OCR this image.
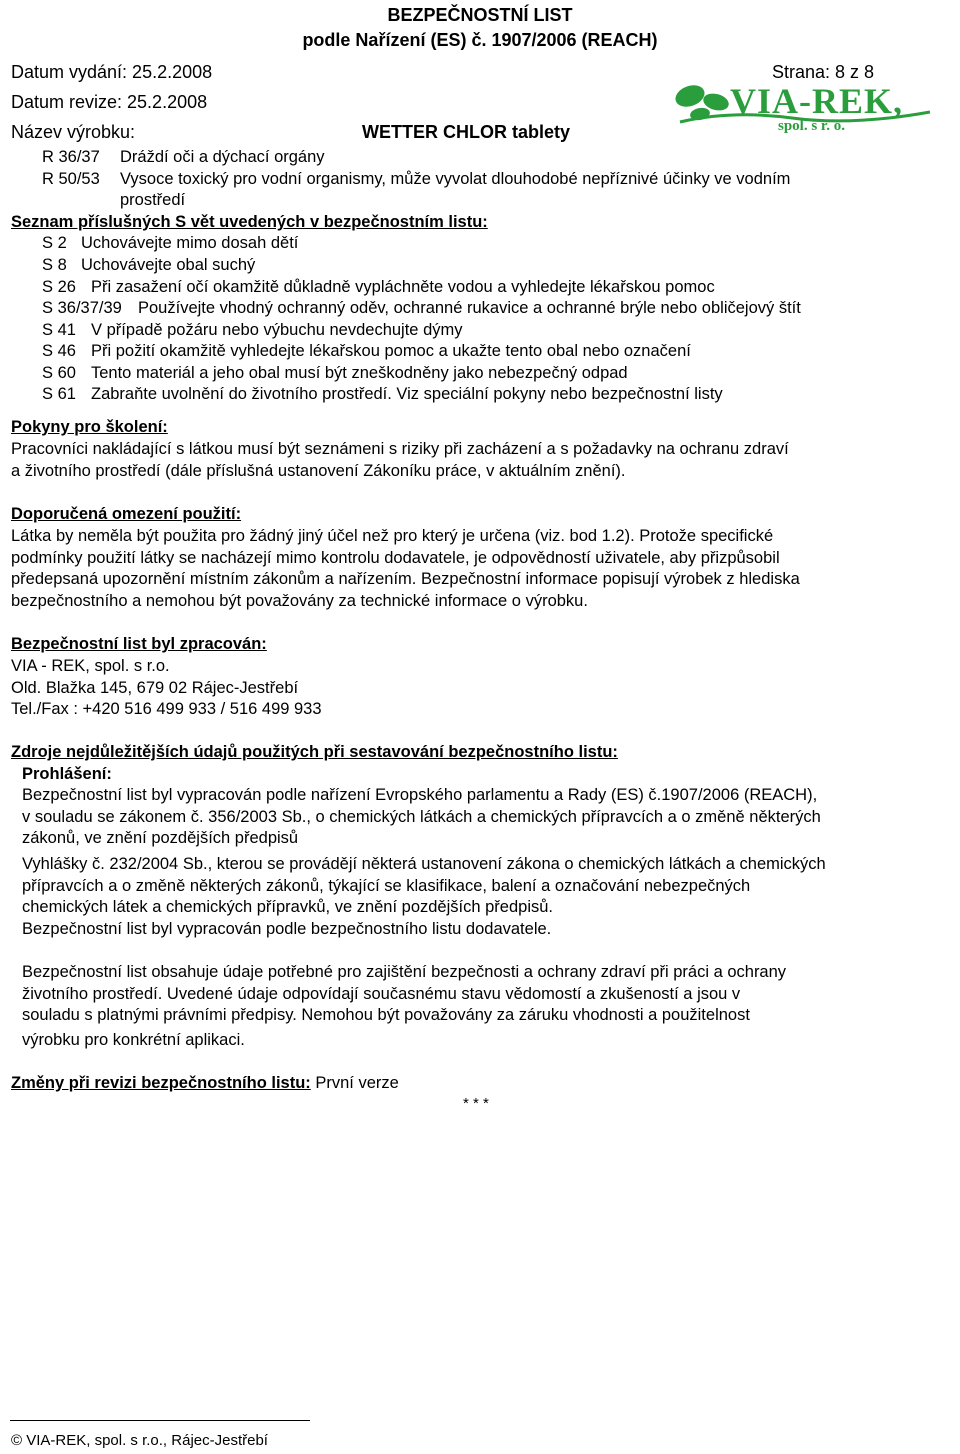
BEZPEČNOSTNÍ LIST
podle Nařízení (ES) č. 1907/2006 (REACH)
Datum vydání: 25.2.2008	Strana: 8 z 8
Datum revize: 25.2.2008
Název výrobku:	WETTER CHLOR tablety
VIA-REK,
spol. s r. o.
R 36/37 Dráždí oči a dýchací orgány
R 50/53 Vysoce toxický pro vodní organismy, může vyvolat dlouhodobé nepříznivé účinky ve vodním
prostředí
Seznam příslušných S vět uvedených v bezpečnostním listu:
S 2 Uchovávejte mimo dosah dětí
S 8 Uchovávejte obal suchý
S 26 Při zasažení očí okamžitě důkladně vypláchněte vodou a vyhledejte lékařskou pomoc
S 36/37/39 Používejte vhodný ochranný oděv, ochranné rukavice a ochranné brýle nebo obličejový štít
S 41 V případě požáru nebo výbuchu nevdechujte dýmy
S 46 Při požití okamžitě vyhledejte lékařskou pomoc a ukažte tento obal nebo označení
S 60 Tento materiál a jeho obal musí být zneškodněny jako nebezpečný odpad
S 61 Zabraňte uvolnění do životního prostředí. Viz speciální pokyny nebo bezpečnostní listy
Pokyny pro školení:
Pracovníci nakládající s látkou musí být seznámeni s riziky při zacházení a s požadavky na ochranu zdraví
a životního prostředí (dále příslušná ustanovení Zákoníku práce, v aktuálním znění).
Doporučená omezení použití:
Látka by neměla být použita pro žádný jiný účel než pro který je určena (viz. bod 1.2). Protože specifické
podmínky použití látky se nacházejí mimo kontrolu dodavatele, je odpovědností uživatele, aby přizpůsobil
předepsaná upozornění místním zákonům a nařízením. Bezpečnostní informace popisují výrobek z hlediska
bezpečnostního a nemohou být považovány za technické informace o výrobku.
Bezpečnostní list byl zpracován:
VIA - REK, spol. s r.o.
Old. Blažka 145, 679 02 Rájec-Jestřebí
Tel./Fax : +420 516 499 933 / 516 499 933
Zdroje nejdůležitějších údajů použitých při sestavování bezpečnostního listu:
Prohlášení:
Bezpečnostní list byl vypracován podle nařízení Evropského parlamentu a Rady (ES) č.1907/2006 (REACH),
v souladu se zákonem č. 356/2003 Sb., o chemických látkách a chemických přípravcích a o změně některých
zákonů, ve znění pozdějších předpisů
Vyhlášky č. 232/2004 Sb., kterou se provádějí některá ustanovení zákona o chemických látkách a chemických
přípravcích a o změně některých zákonů, týkající se klasifikace, balení a označování nebezpečných
chemických látek a chemických přípravků, ve znění pozdějších předpisů.
Bezpečnostní list byl vypracován podle bezpečnostního listu dodavatele.
Bezpečnostní list obsahuje údaje potřebné pro zajištění bezpečnosti a ochrany zdraví při práci a ochrany
životního prostředí. Uvedené údaje odpovídají současnému stavu vědomostí a zkušeností a jsou v
souladu s platnými právními předpisy. Nemohou být považovány za záruku vhodnosti a použitelnost
výrobku pro konkrétní aplikaci.
Změny při revizi bezpečnostního listu: První verze
* * *
© VIA-REK, spol. s r.o., Rájec-Jestřebí
